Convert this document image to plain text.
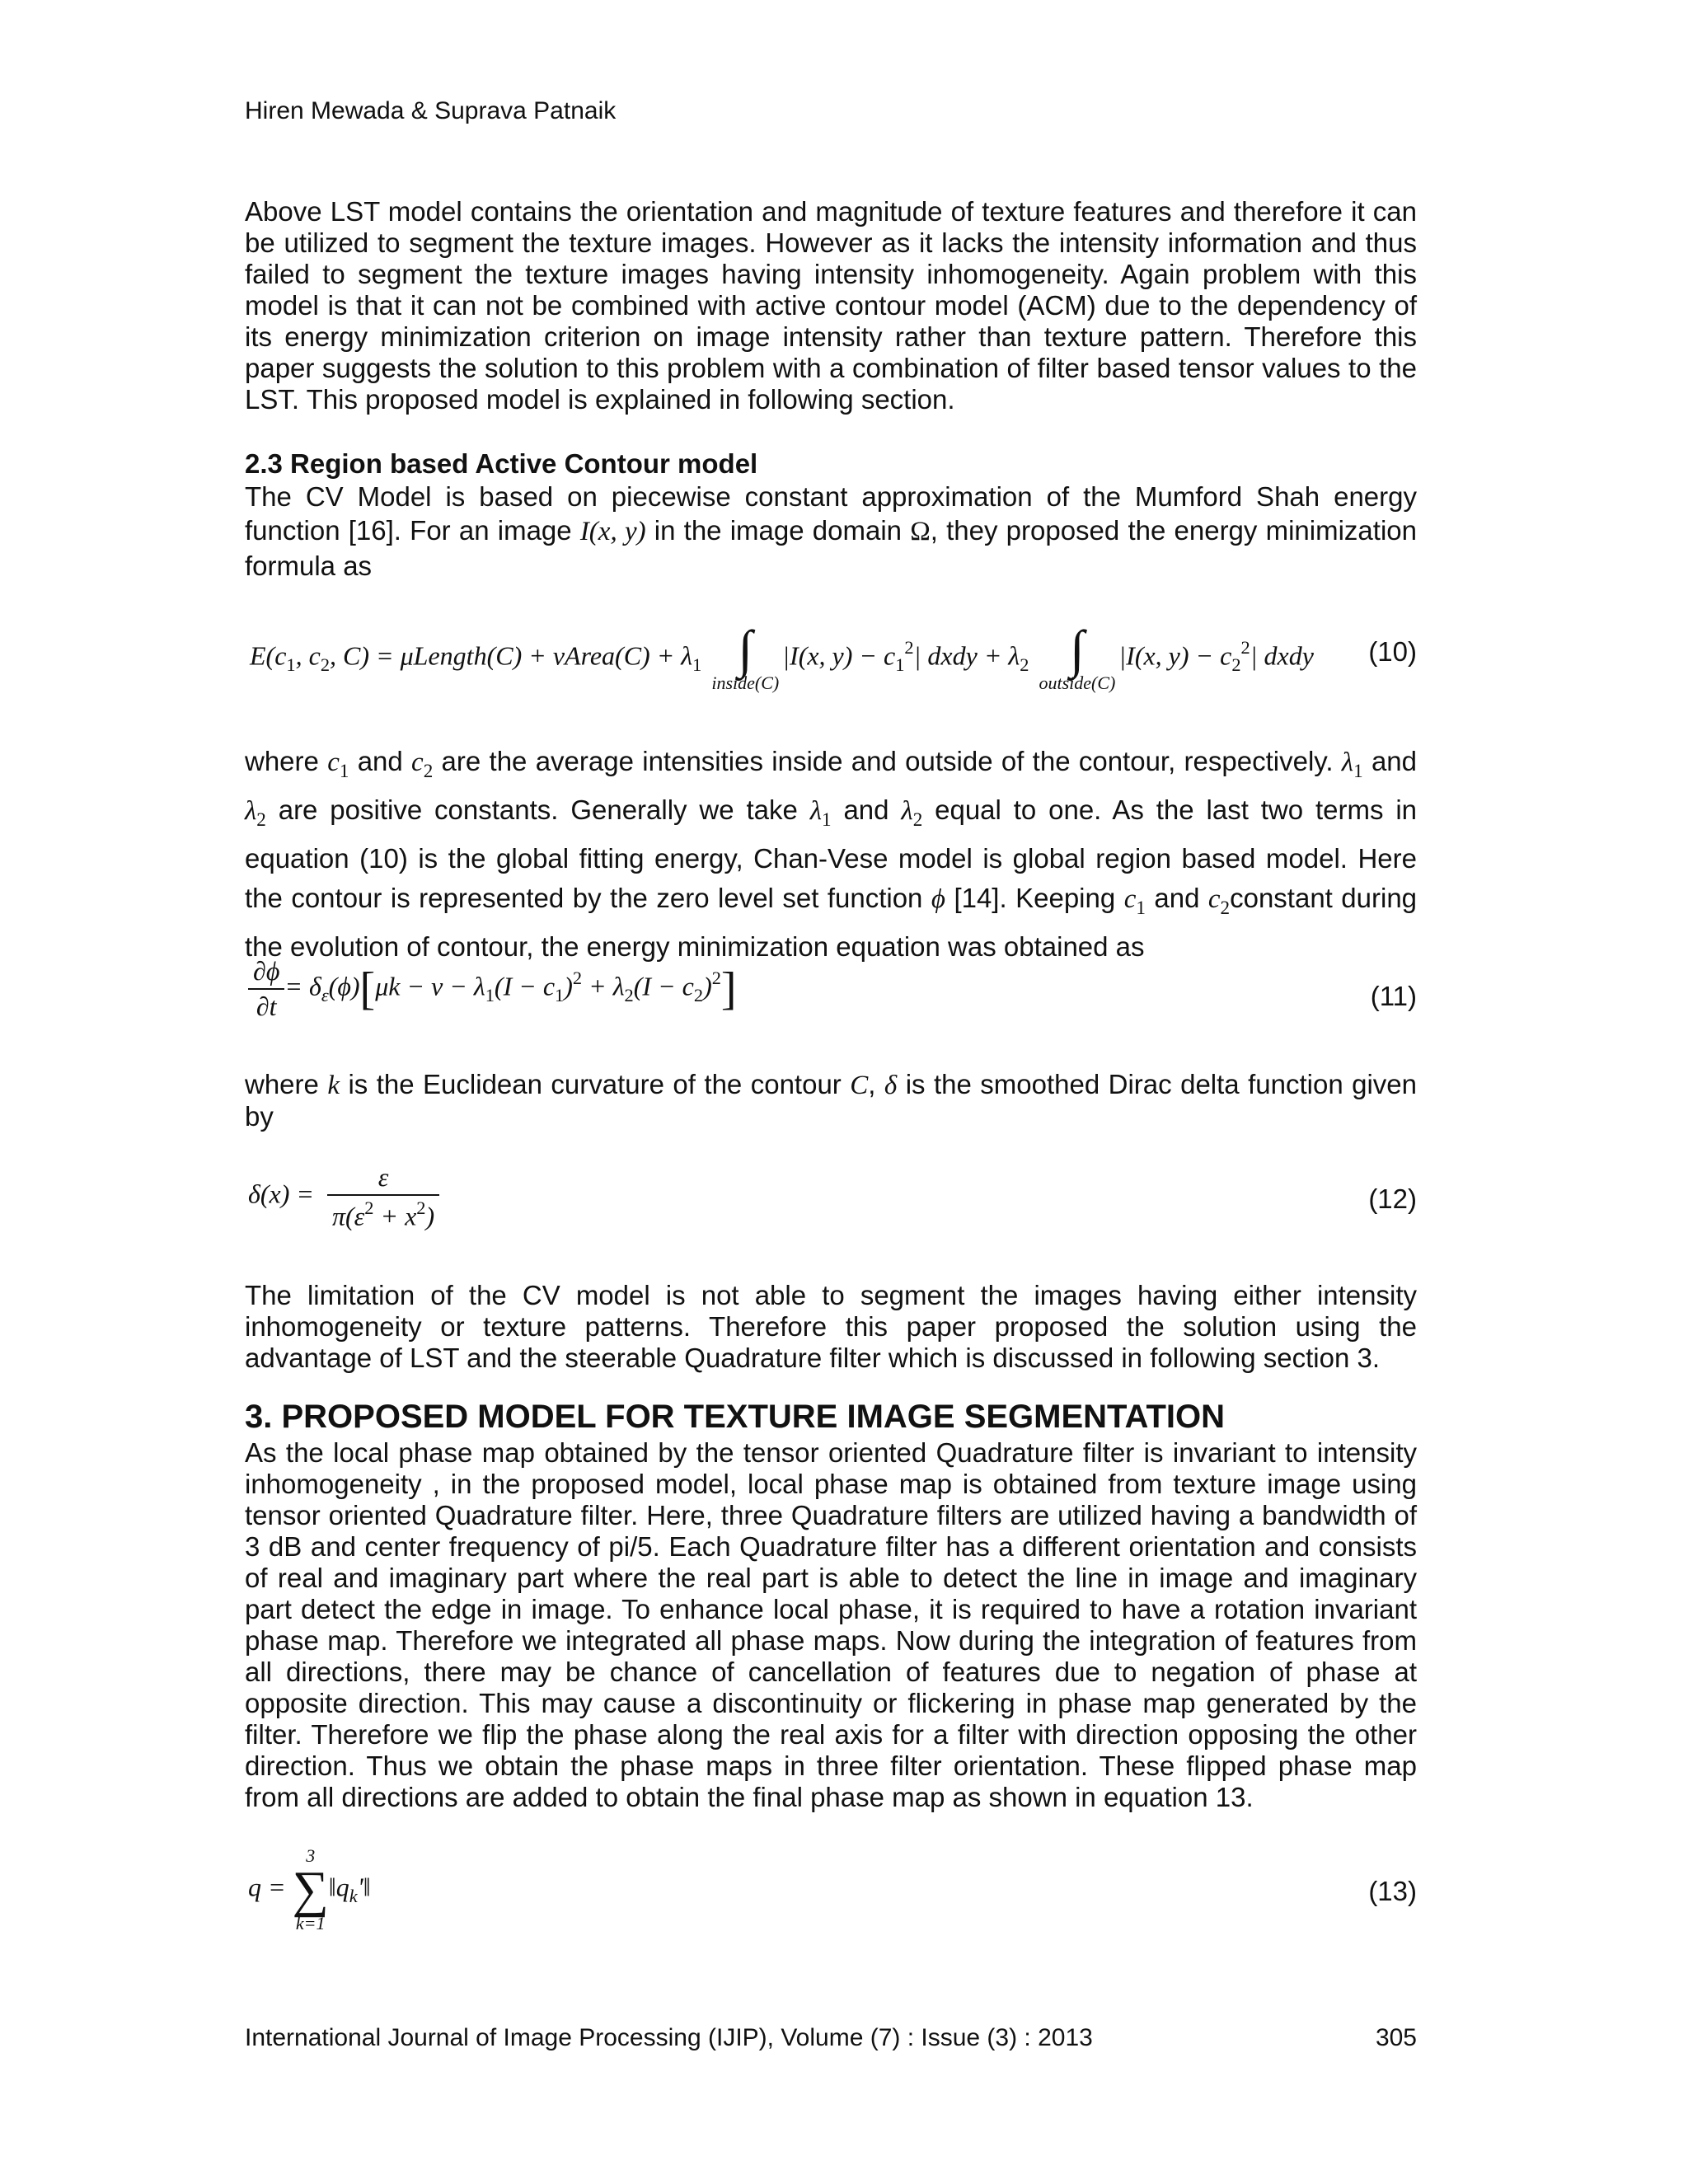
Hiren Mewada & Suprava Patnaik
Above LST model contains the orientation and magnitude of texture features and therefore it can be utilized to segment the texture images. However as it lacks the intensity information and thus failed to segment the texture images having intensity inhomogeneity. Again problem with this model is that it can not be combined with active contour model (ACM) due to the dependency of its energy minimization criterion on image intensity rather than texture pattern. Therefore this paper suggests the solution to this problem with a combination of filter based tensor values to the LST. This proposed model is explained in following section.
2.3 Region based Active Contour model
The CV Model is based on piecewise constant approximation of the Mumford Shah energy function [16]. For an image I(x, y) in the image domain Ω, they proposed the energy minimization formula as
$E(c_1$, $c_2$, C) = μLength(C) + vArea(C) + $\lambda_1$ ∫
inside(C)
|I(x, $y) - c_1^2|$ dxdy + $\lambda_2$ ∫
outside(C)
|I(x, $y) - c_2^2|$ dxdy (10)
where $c_1$ and $c_2$ are the average intensities inside and outside of the contour, respectively. $\lambda_1$ and $\lambda_2$ are positive constants. Generally we take $\lambda_1$ and $\lambda_2$ equal to one. As the last two terms in equation (10) is the global fitting energy, Chan-Vese model is global region based model. Here the contour is represented by the zero level set function ϕ [14]. Keeping $c_1$ and $c_2constant$ during the evolution of contour, the energy minimization equation was obtained as
$\frac{\partial\phi}{\partial t} = \delta_\varepsilon(\phi)[\mu k - v - \lambda_1(I - c_1)^2 + \lambda_2(I - c_2)^2]$	(11)
where k is the Euclidean curvature of the contour C, δ is the smoothed Dirac delta function given by
$\delta(x) = \frac{\varepsilon}{\pi(\varepsilon^2 + x^2)}$	(12)
The limitation of the CV model is not able to segment the images having either intensity inhomogeneity or texture patterns. Therefore this paper proposed the solution using the advantage of LST and the steerable Quadrature filter which is discussed in following section 3.
3. PROPOSED MODEL FOR TEXTURE IMAGE SEGMENTATION
As the local phase map obtained by the tensor oriented Quadrature filter is invariant to intensity inhomogeneity , in the proposed model, local phase map is obtained from texture image using tensor oriented Quadrature filter. Here, three Quadrature filters are utilized having a bandwidth of 3 dB and center frequency of pi/5. Each Quadrature filter has a different orientation and consists of real and imaginary part where the real part is able to detect the line in image and imaginary part detect the edge in image. To enhance local phase, it is required to have a rotation invariant phase map. Therefore we integrated all phase maps. Now during the integration of features from all directions, there may be chance of cancellation of features due to negation of phase at opposite direction. This may cause a discontinuity or flickering in phase map generated by the filter. Therefore we flip the phase along the real axis for a filter with direction opposing the other direction. Thus we obtain the phase maps in three filter orientation. These flipped phase map from all directions are added to obtain the final phase map as shown in equation 13.
q =
3
∑
k=1
$‖q_k'‖$	(13)
International Journal of Image Processing (IJIP), Volume (7) : Issue (3) : 2013	305
